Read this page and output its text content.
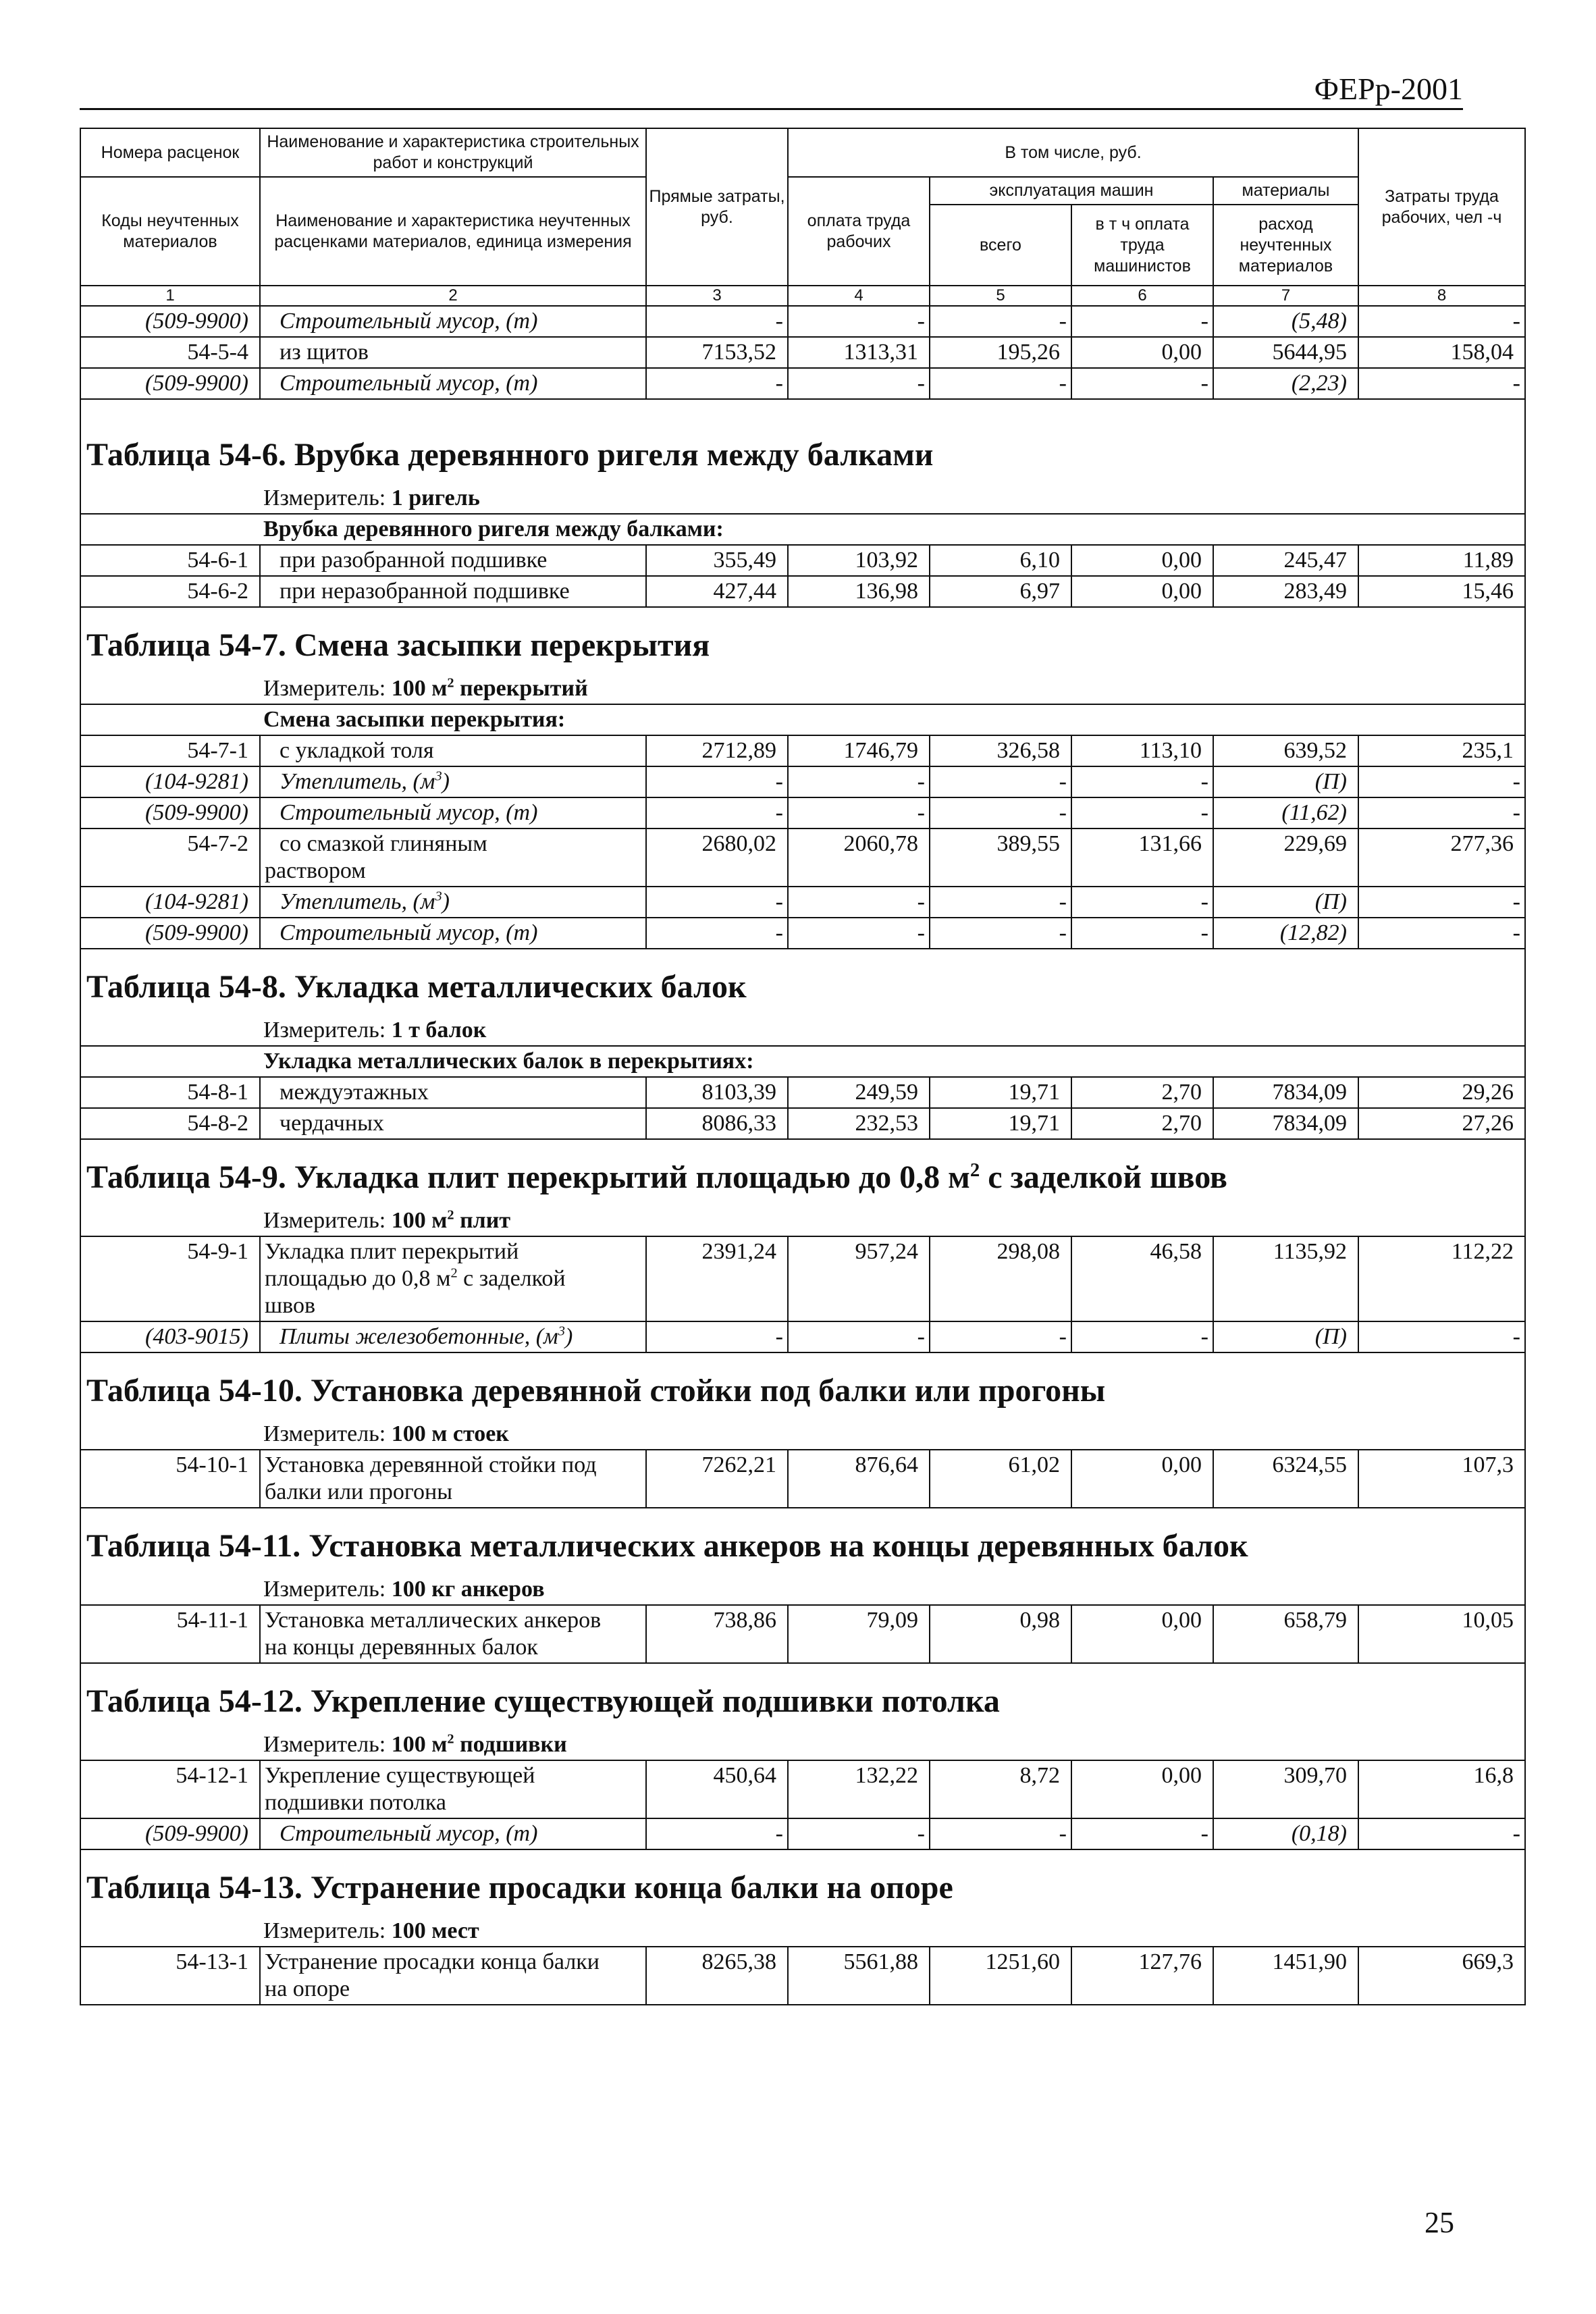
ФЕРр-2001
Номера расценок	Наименование и характеристика строительных работ и конструкций	Прямые затраты, руб.	В том числе, руб.				Затраты труда рабочих, чел -ч
Коды неучтенных материалов	Наименование и характеристика неучтенных расценками материалов, единица измерения		оплата труда рабочих	эксплуатация машин		материалы	
				всего	в т ч оплата труда машинистов	расход неучтенных материалов	
1	2	3	4	5	6	7	8
(509-9900)	Строительный мусор, (т)	-	-	-	-	(5,48)	-
54-5-4	из щитов	7153,52	1313,31	195,26	0,00	5644,95	158,04
(509-9900)	Строительный мусор, (т)	-	-	-	-	(2,23)	-
Таблица 54-6. Врубка деревянного ригеля между балками							
Измеритель: 1 ригель							
Врубка деревянного ригеля между балками:							
54-6-1	при разобранной подшивке	355,49	103,92	6,10	0,00	245,47	11,89
54-6-2	при неразобранной подшивке	427,44	136,98	6,97	0,00	283,49	15,46
Таблица 54-7. Смена засыпки перекрытия							
Измеритель: 100 $м^2$ перекрытий							
Смена засыпки перекрытия:							
54-7-1	с укладкой толя	2712,89	1746,79	326,58	113,10	639,52	235,1
(104-9281)	Утеплитель, $(м^3)$	-	-	-	-	(П)	-
(509-9900)	Строительный мусор, (т)	-	-	-	-	(11,62)	-
54-7-2	со смазкой глиняным
раствором	2680,02	2060,78	389,55	131,66	229,69	277,36
(104-9281)	Утеплитель, $(м^3)$	-	-	-	-	(П)	-
(509-9900)	Строительный мусор, (т)	-	-	-	-	(12,82)	-
Таблица 54-8. Укладка металлических балок							
Измеритель: 1 т балок							
Укладка металлических балок в перекрытиях:							
54-8-1	междуэтажных	8103,39	249,59	19,71	2,70	7834,09	29,26
54-8-2	чердачных	8086,33	232,53	19,71	2,70	7834,09	27,26
Таблица 54-9. Укладка плит перекрытий площадью до 0,8 $м^2$ с заделкой швов							
Измеритель: 100 $м^2$ плит							
54-9-1	Укладка плит перекрытий
площадью до 0,8 $м^2$ с заделкой
швов	2391,24	957,24	298,08	46,58	1135,92	112,22
(403-9015)	Плиты железобетонные, $(м^3)$	-	-	-	-	(П)	-
Таблица 54-10. Установка деревянной стойки под балки или прогоны							
Измеритель: 100 м стоек							
54-10-1	Установка деревянной стойки под
балки или прогоны	7262,21	876,64	61,02	0,00	6324,55	107,3
Таблица 54-11. Установка металлических анкеров на концы деревянных балок							
Измеритель: 100 кг анкеров							
54-11-1	Установка металлических анкеров
на концы деревянных балок	738,86	79,09	0,98	0,00	658,79	10,05
Таблица 54-12. Укрепление существующей подшивки потолка							
Измеритель: 100 $м^2$ подшивки							
54-12-1	Укрепление существующей
подшивки потолка	450,64	132,22	8,72	0,00	309,70	16,8
(509-9900)	Строительный мусор, (т)	-	-	-	-	(0,18)	-
Таблица 54-13. Устранение просадки конца балки на опоре							
Измеритель: 100 мест							
54-13-1	Устранение просадки конца балки
на опоре	8265,38	5561,88	1251,60	127,76	1451,90	669,3
25
